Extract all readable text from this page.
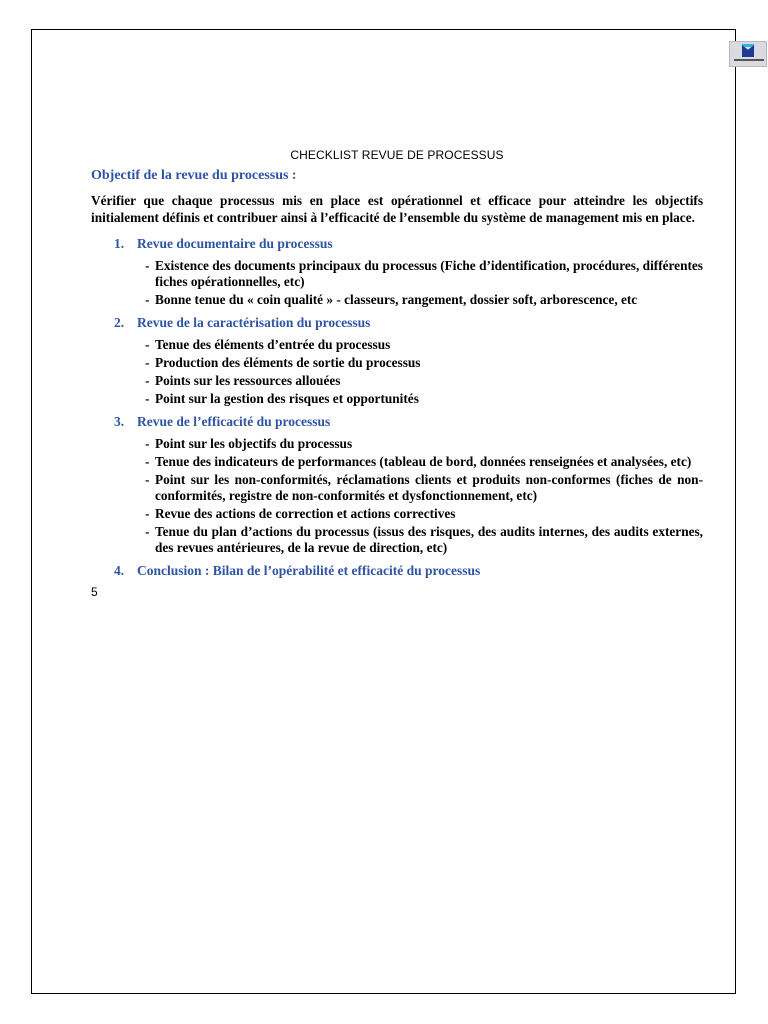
CHECKLIST REVUE DE PROCESSUS
Objectif de la revue du processus :
Vérifier que chaque processus mis en place est opérationnel et efficace pour atteindre les objectifs initialement définis et contribuer ainsi à l’efficacité de l’ensemble du système de management mis en place.
1. Revue documentaire du processus
- Existence des documents principaux du processus (Fiche d’identification, procédures, différentes fiches opérationnelles, etc)
- Bonne tenue du « coin qualité » - classeurs, rangement, dossier soft, arborescence, etc
2. Revue de la caractérisation du processus
- Tenue des éléments d’entrée du processus
- Production des éléments de sortie du processus
- Points sur les ressources allouées
- Point sur la gestion des risques et opportunités
3. Revue de l’efficacité du processus
- Point sur les objectifs du processus
- Tenue des indicateurs de performances (tableau de bord, données renseignées et analysées, etc)
- Point sur les non-conformités, réclamations clients et produits non-conformes (fiches de non-conformités, registre de non-conformités et dysfonctionnement, etc)
- Revue des actions de correction et actions correctives
- Tenue du plan d’actions du processus (issus des risques, des audits internes, des audits externes, des revues antérieures, de la revue de direction, etc)
4. Conclusion : Bilan de l’opérabilité et efficacité du processus
5
